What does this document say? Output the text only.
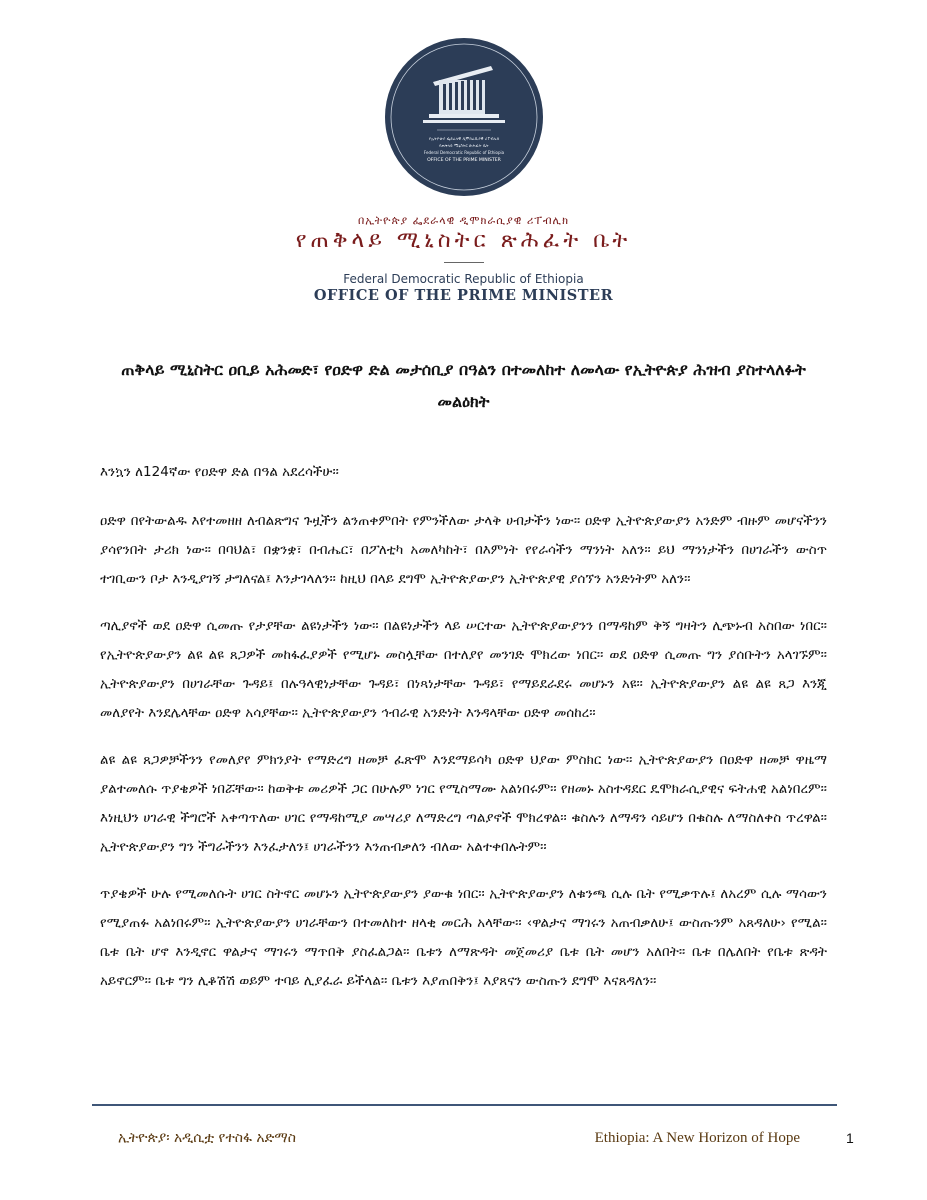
የኢትዮጵያ ፌደራላዊ ዲሞክራሲያዊ ሪፐብሊክ
የጠቅላይ ሚኒስትር ጽሕፈት ቤት
Federal Democratic Republic of Ethiopia
OFFICE OF THE PRIME MINISTER
በኢትዮጵያ ፌደራላዊ ዲሞክራሲያዊ ሪፐብሊክ
የጠቅላይ ሚኒስትር ጽሕፈት ቤት
Federal Democratic Republic of Ethiopia
OFFICE OF THE PRIME MINISTER
ጠቅላይ ሚኒስትር ዐቢይ አሕመድ፣ የዐድዋ ድል መታሰቢያ በዓልን በተመለከተ ለመላው የኢትዮጵያ ሕዝብ ያስተላለፉት መልዕክት

እንኳን ለ124ኛው የዐድዋ ድል በዓል አደረሳችሁ፡፡

ዐድዋ በየትውልዱ እየተመዘዘ ለብልጽግና ጉዟችን ልንጠቀምበት የምንችለው ታላቅ ሀብታችን ነው፡፡ ዐድዋ ኢትዮጵያውያን አንድም ብዙም መሆናችንን ያሳየንበት ታሪክ ነው፡፡ በባህል፣ በቋንቋ፣ በብሔር፣ በፖለቲካ አመለካከት፣ በእምነት የየራሳችን ማንነት አለን፡፡ ይህ ማንነታችን በሀገራችን ውስጥ ተገቢውን ቦታ እንዲያገኝ ታግለናል፤ እንታገላለን፡፡ ከዚህ በላይ ደግሞ ኢትዮጵያውያን ኢትዮጵያዊ ያሰኘን አንድነትም አለን፡፡

ጣሊያኖች ወደ ዐድዋ ሲመጡ የታያቸው ልዩነታችን ነው፡፡ በልዩነታችን ላይ ሠርተው ኢትዮጵያውያንን በማዳከም ቅኝ ግዛትን ሊጭኑብ አስበው ነበር፡፡ የኢትዮጵያውያን ልዩ ልዩ ጸጋዎች መከፋፈያዎች የሚሆኑ መስሏቸው በተለያየ መንገድ ሞክረው ነበር፡፡ ወደ ዐድዋ ሲመጡ ግን ያሰቡትን አላገኙም፡፡ ኢትዮጵያውያን በሀገራቸው ጉዳይ፤ በሉዓላዊነታቸው ጉዳይ፣ በነጻነታቸው ጉዳይ፣ የማይደራደሩ መሆኑን አዩ፡፡ ኢትዮጵያውያን ልዩ ልዩ ጸጋ እንጂ መለያየት እንደሌላቸው ዐድዋ አሳያቸው፡፡ ኢትዮጵያውያን ኅብራዊ አንድነት እንዳላቸው ዐድዋ መሰከረ፡፡

ልዩ ልዩ ጸጋዎቻችንን የመለያየ ምክንያት የማድረግ ዘመቻ ፈጽሞ እንደማይሳካ ዐድዋ ህያው ምስክር ነው፡፡ ኢትዮጵያውያን በዐድዋ ዘመቻ ዋዜማ ያልተመለሱ ጥያቄዎች ነበሯቸው፡፡ ከወቅቱ መሪዎች ጋር በሁሉም ነገር የሚስማሙ አልነበሩም፡፡ የዘመኑ አስተዳደር ዴሞክራሲያዊና ፍትሐዊ አልነበረም፡፡ እነዚህን ሀገራዊ ችግሮች አቀጣጥለው ሀገር የማዳከሚያ መሣሪያ ለማድረግ ጣልያኖች ሞክረዋል፡፡ ቁስሉን ለማዳን ሳይሆን በቁስሉ ለማስለቀስ ጥረዋል፡፡ ኢትዮጵያውያን ግን ችግራችንን እንፈታለን፤ ሀገራችንን እንጠብቃለን ብለው አልተቀበሉትም፡፡

ጥያቄዎች ሁሉ የሚመለሱት ሀገር ስትኖር መሆኑን ኢትዮጵያውያን ያውቁ ነበር፡፡ ኢትዮጵያውያን ለቁንጫ ሲሉ ቤት የሚቃጥሉ፤ ለአረም ሲሉ ማሳውን የሚያጠፉ አልነበሩም፡፡ ኢትዮጵያውያን ሀገራቸውን በተመለከተ ዘላቂ መርሕ አላቸው፡፡ ‹ዋልታና ማገሩን አጠብቃለሁ፤ ውስጡንም አጸዳለሁ› የሚል፡፡ ቤቱ ቤት ሆኖ እንዲኖር ዋልታና ማገሩን ማጥበቅ ያስፈልጋል፡፡ ቤቱን ለማጽዳት መጀመሪያ ቤቱ ቤት መሆን አለበት፡፡ ቤቱ በሌለበት የቤቱ ጽዳት አይኖርም፡፡ ቤቱ ግን ሊቆሽሽ ወይም ተባይ ሊያፈራ ይችላል፡፡ ቤቱን እያጠበቅን፤ እያጸናን ውስጡን ደግሞ እናጸዳለን፡፡

ኢትዮጵያ፡ አዲሲቷ የተስፋ አድማስ	Ethiopia: A New Horizon of Hope	1
